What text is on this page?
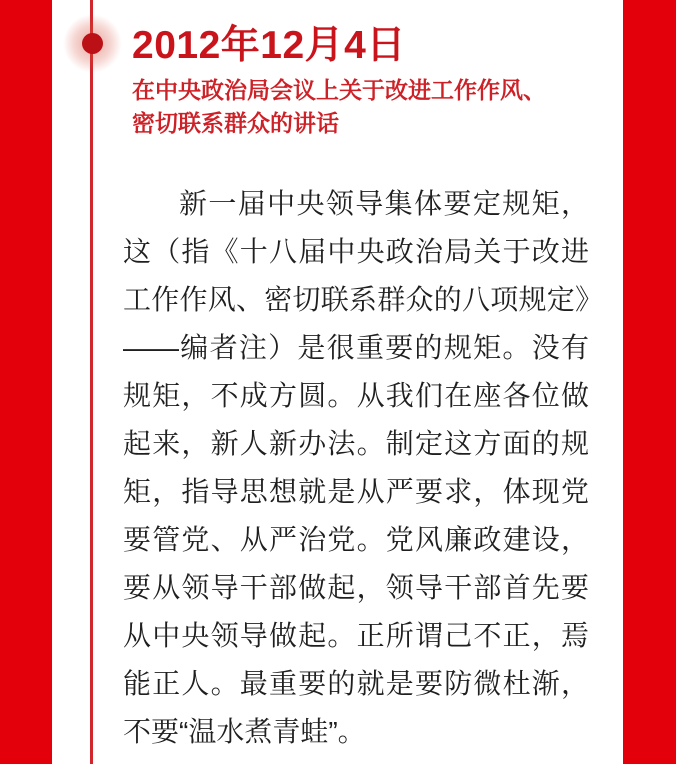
2012年12月4日
在中央政治局会议上关于改进工作作风、
密切联系群众的讲话

新一届中央领导集体要定规矩，这（指《十八届中央政治局关于改进工作作风、密切联系群众的八项规定》——编者注）是很重要的规矩。没有规矩，不成方圆。从我们在座各位做起来，新人新办法。制定这方面的规矩，指导思想就是从严要求，体现党要管党、从严治党。党风廉政建设，要从领导干部做起，领导干部首先要从中央领导做起。正所谓己不正，焉能正人。最重要的就是要防微杜渐，不要“温水煮青蛙”。
